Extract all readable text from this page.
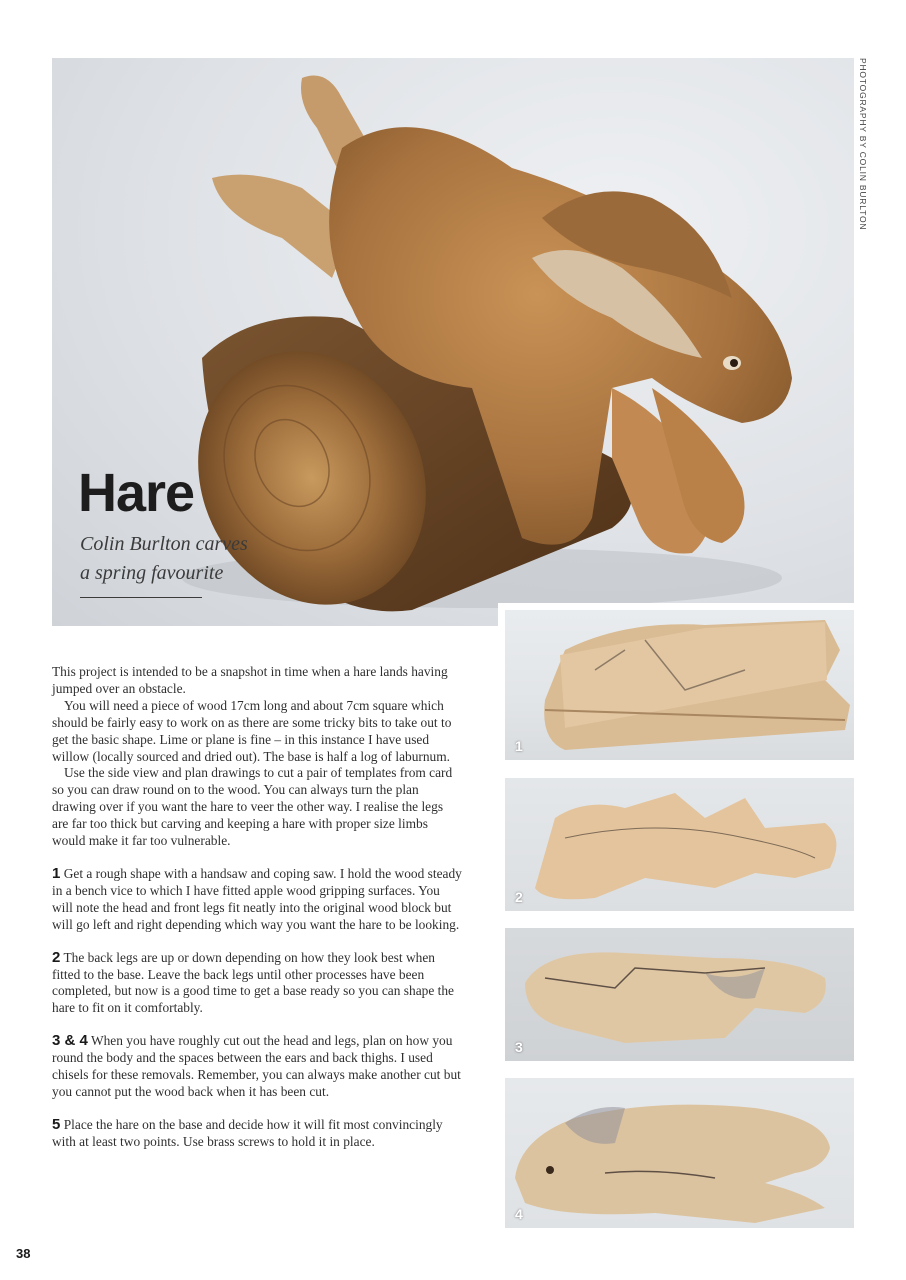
PHOTOGRAPHY BY COLIN BURLTON
Hare
Colin Burlton carves
a spring favourite

This project is intended to be a snapshot in time when a hare lands having jumped over an obstacle.

You will need a piece of wood 17cm long and about 7cm square which should be fairly easy to work on as there are some tricky bits to take out to get the basic shape. Lime or plane is fine – in this instance I have used willow (locally sourced and dried out). The base is half a log of laburnum.

Use the side view and plan drawings to cut a pair of templates from card so you can draw round on to the wood. You can always turn the plan drawing over if you want the hare to veer the other way. I realise the legs are far too thick but carving and keeping a hare with proper size limbs would make it far too vulnerable.

1 Get a rough shape with a handsaw and coping saw. I hold the wood steady in a bench vice to which I have fitted apple wood gripping surfaces. You will note the head and front legs fit neatly into the original wood block but will go left and right depending which way you want the hare to be looking.

2 The back legs are up or down depending on how they look best when fitted to the base. Leave the back legs until other processes have been completed, but now is a good time to get a base ready so you can shape the hare to fit on it comfortably.

3 & 4 When you have roughly cut out the head and legs, plan on how you round the body and the spaces between the ears and back thighs. I used chisels for these removals. Remember, you can always make another cut but you cannot put the wood back when it has been cut.

5 Place the hare on the base and decide how it will fit most convincingly with at least two points. Use brass screws to hold it in place.

1
2
3
4
38
